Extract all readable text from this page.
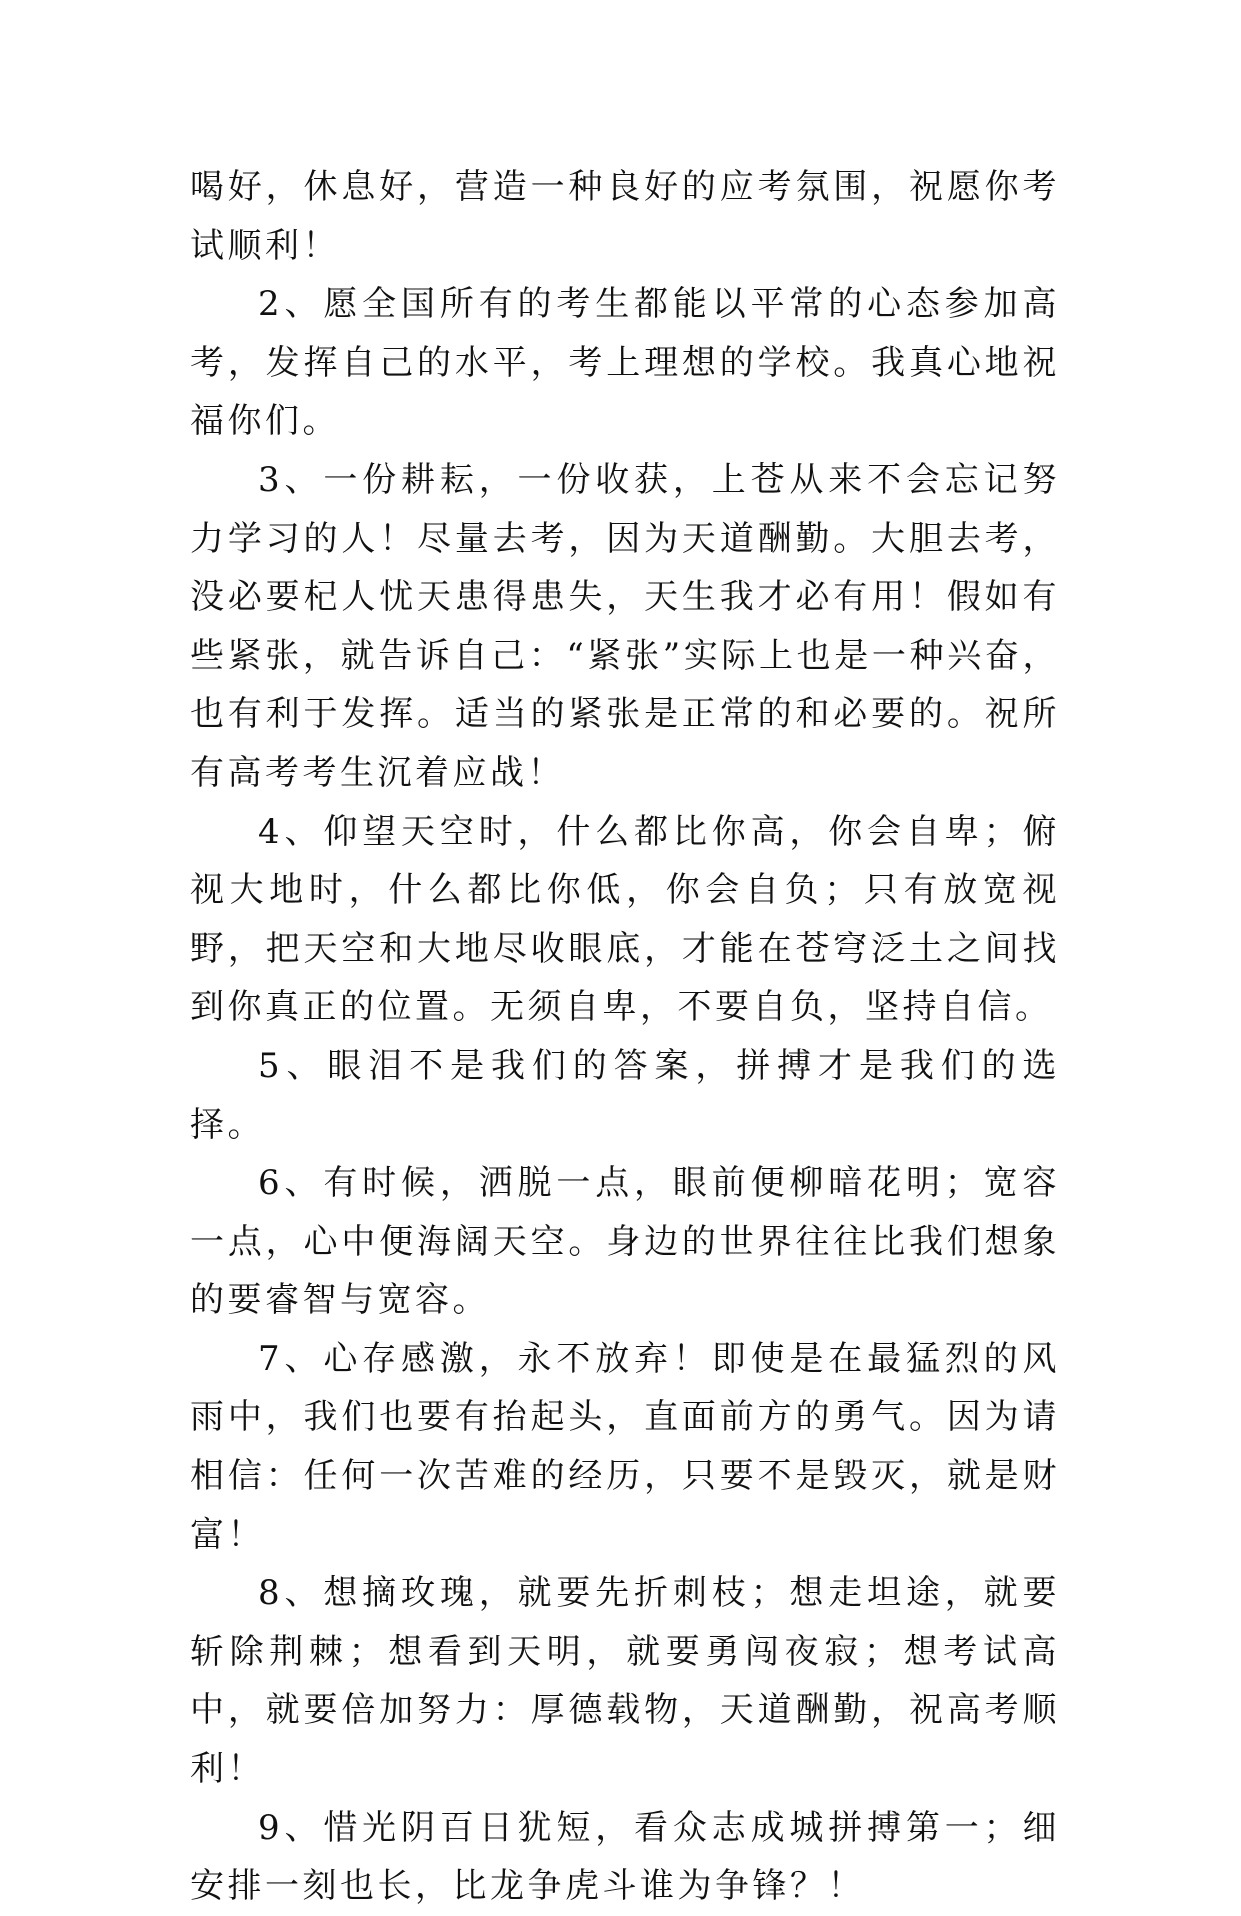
喝好，休息好，营造一种良好的应考氛围，祝愿你考试顺利！

2、愿全国所有的考生都能以平常的心态参加高考，发挥自己的水平，考上理想的学校。我真心地祝福你们。

3、一份耕耘，一份收获，上苍从来不会忘记努力学习的人！尽量去考，因为天道酬勤。大胆去考，没必要杞人忧天患得患失，天生我才必有用！假如有些紧张，就告诉自己：“紧张”实际上也是一种兴奋，也有利于发挥。适当的紧张是正常的和必要的。祝所有高考考生沉着应战！

4、仰望天空时，什么都比你高，你会自卑；俯视大地时，什么都比你低，你会自负；只有放宽视野，把天空和大地尽收眼底，才能在苍穹泛土之间找到你真正的位置。无须自卑，不要自负，坚持自信。

5、眼泪不是我们的答案，拼搏才是我们的选择。

6、有时候，洒脱一点，眼前便柳暗花明；宽容一点，心中便海阔天空。身边的世界往往比我们想象的要睿智与宽容。

7、心存感激，永不放弃！即使是在最猛烈的风雨中，我们也要有抬起头，直面前方的勇气。因为请相信：任何一次苦难的经历，只要不是毁灭，就是财富！

8、想摘玫瑰，就要先折刺枝；想走坦途，就要斩除荆棘；想看到天明，就要勇闯夜寂；想考试高中，就要倍加努力：厚德载物，天道酬勤，祝高考顺利！

9、惜光阴百日犹短，看众志成城拼搏第一；细安排一刻也长，比龙争虎斗谁为争锋？！
